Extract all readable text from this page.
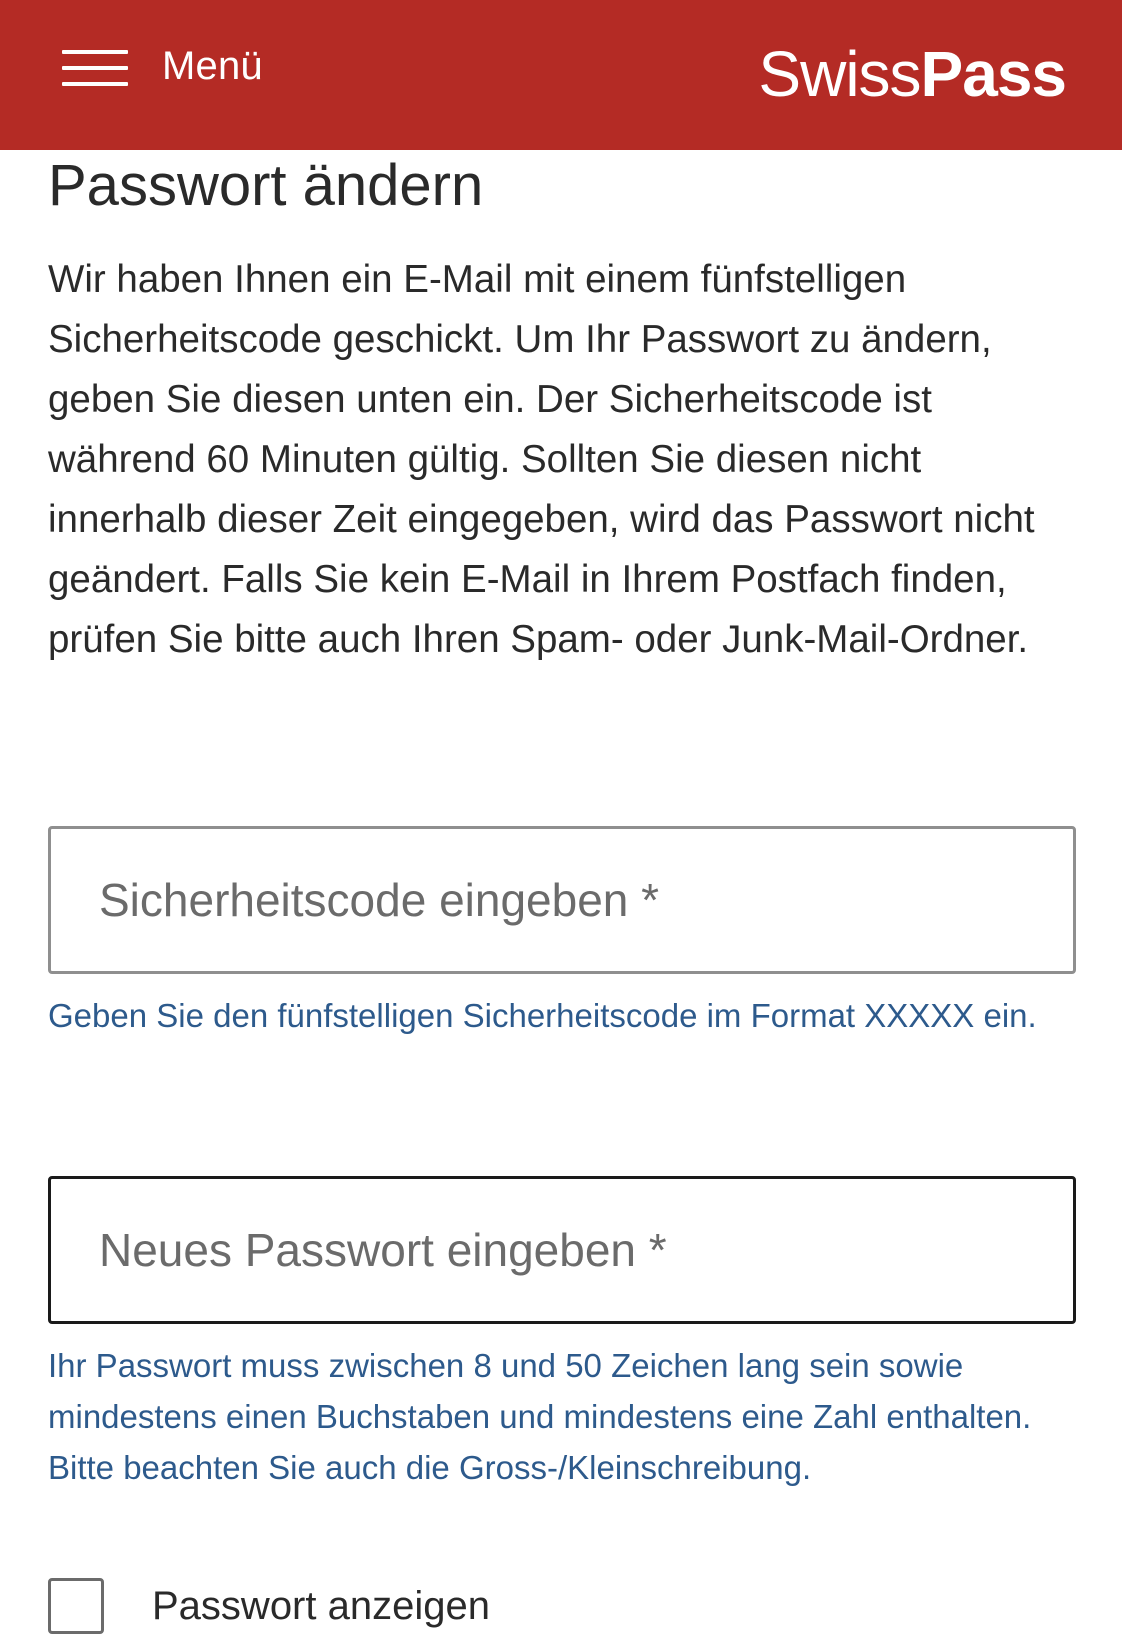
Menü	SwissPass
Passwort ändern

Wir haben Ihnen ein E-Mail mit einem fünfstelligen Sicherheitscode geschickt. Um Ihr Passwort zu ändern, geben Sie diesen unten ein. Der Sicherheitscode ist während 60 Minuten gültig. Sollten Sie diesen nicht innerhalb dieser Zeit eingegeben, wird das Passwort nicht geändert. Falls Sie kein E-Mail in Ihrem Postfach finden, prüfen Sie bitte auch Ihren Spam- oder Junk-Mail-Ordner.

Sicherheitscode eingeben *

Geben Sie den fünfstelligen Sicherheitscode im Format XXXXX ein.

Ihr Passwort muss zwischen 8 und 50 Zeichen lang sein sowie mindestens einen Buchstaben und mindestens eine Zahl enthalten. Bitte beachten Sie auch die Gross-/Kleinschreibung.

Passwort anzeigen
